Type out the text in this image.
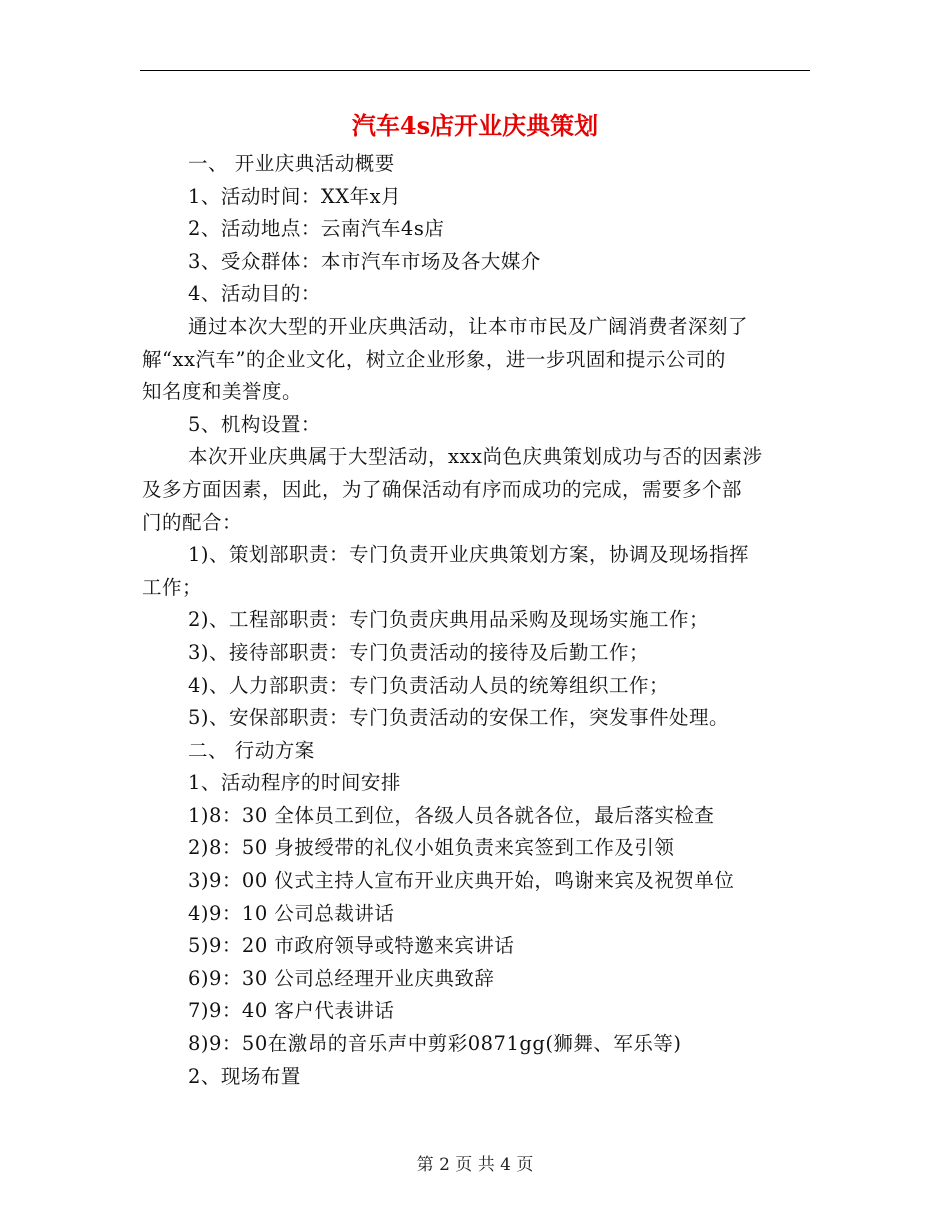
汽车4s店开业庆典策划

一、 开业庆典活动概要

1、活动时间：XX年x月

2、活动地点：云南汽车4s店

3、受众群体：本市汽车市场及各大媒介

4、活动目的：

通过本次大型的开业庆典活动，让本市市民及广阔消费者深刻了

解“xx汽车”的企业文化，树立企业形象，进一步巩固和提示公司的

知名度和美誉度。

5、机构设置：

本次开业庆典属于大型活动，xxx尚色庆典策划成功与否的因素涉

及多方面因素，因此，为了确保活动有序而成功的完成，需要多个部

门的配合：

1)、策划部职责：专门负责开业庆典策划方案，协调及现场指挥

工作；

2)、工程部职责：专门负责庆典用品采购及现场实施工作；

3)、接待部职责：专门负责活动的接待及后勤工作；

4)、人力部职责：专门负责活动人员的统筹组织工作；

5)、安保部职责：专门负责活动的安保工作，突发事件处理。

二、 行动方案

1、活动程序的时间安排

1)8：30 全体员工到位，各级人员各就各位，最后落实检查

2)8：50 身披绶带的礼仪小姐负责来宾签到工作及引领

3)9：00 仪式主持人宣布开业庆典开始，鸣谢来宾及祝贺单位

4)9：10 公司总裁讲话

5)9：20 市政府领导或特邀来宾讲话

6)9：30 公司总经理开业庆典致辞

7)9：40 客户代表讲话

8)9：50在激昂的音乐声中剪彩0871gg(狮舞、军乐等)

2、现场布置

第 2 页 共 4 页
